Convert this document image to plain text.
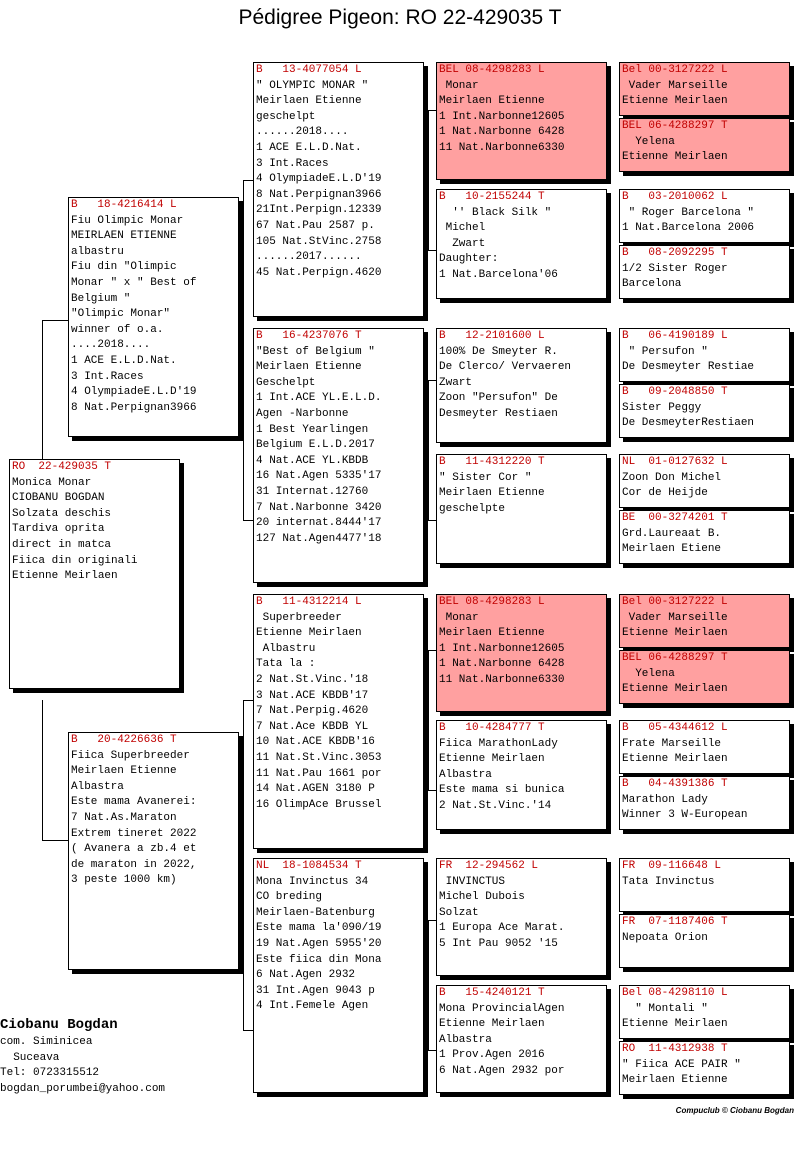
Pédigree Pigeon: RO 22-429035 T
RO  22-429035 T
Monica Monar
CIOBANU BOGDAN
Solzata deschis
Tardiva oprita
direct in matca
Fiica din originali
Etienne Meirlaen
B   18-4216414 L
Fiu Olimpic Monar
MEIRLAEN ETIENNE
albastru
Fiu din "Olimpic
Monar " x " Best of
Belgium "
"Olimpic Monar"
winner of o.a.
....2018....
1 ACE E.L.D.Nat.
3 Int.Races
4 OlympiadeE.L.D'19
8 Nat.Perpignan3966
B   20-4226636 T
Fiica Superbreeder
Meirlaen Etienne
Albastra
Este mama Avanerei:
7 Nat.As.Maraton
Extrem tineret 2022
( Avanera a zb.4 et
de maraton in 2022,
3 peste 1000 km)
B   13-4077054 L
" OLYMPIC MONAR "
Meirlaen Etienne
geschelpt
......2018....
1 ACE E.L.D.Nat.
3 Int.Races
4 OlympiadeE.L.D'19
8 Nat.Perpignan3966
21Int.Perpign.12339
67 Nat.Pau 2587 p.
105 Nat.StVinc.2758
......2017......
45 Nat.Perpign.4620
B   16-4237076 T
"Best of Belgium "
Meirlaen Etienne
Geschelpt
1 Int.ACE YL.E.L.D.
Agen -Narbonne
1 Best Yearlingen
Belgium E.L.D.2017
4 Nat.ACE YL.KBDB
16 Nat.Agen 5335'17
31 Internat.12760
7 Nat.Narbonne 3420
20 internat.8444'17
127 Nat.Agen4477'18
B   11-4312214 L
Superbreeder
Etienne Meirlaen
Albastru
Tata la :
2 Nat.St.Vinc.'18
3 Nat.ACE KBDB'17
7 Nat.Perpig.4620
7 Nat.Ace KBDB YL
10 Nat.ACE KBDB'16
11 Nat.St.Vinc.3053
11 Nat.Pau 1661 por
14 Nat.AGEN 3180 P
16 OlimpAce Brussel
NL  18-1084534 T
Mona Invinctus 34
CO breding
Meirlaen-Batenburg
Este mama la'090/19
19 Nat.Agen 5955'20
Este fiica din Mona
6 Nat.Agen 2932
31 Int.Agen 9043 p
4 Int.Femele Agen
BEL 08-4298283 L
Monar
Meirlaen Etienne
1 Int.Narbonne12605
1 Nat.Narbonne 6428
11 Nat.Narbonne6330
B   10-2155244 T
'' Black Silk "
Michel
Zwart
Daughter:
1 Nat.Barcelona'06
B   12-2101600 L
100% De Smeyter R.
De Clerco/ Vervaeren
Zwart
Zoon "Persufon" De
Desmeyter Restiaen
B   11-4312220 T
" Sister Cor "
Meirlaen Etienne
geschelpte
BEL 08-4298283 L
Monar
Meirlaen Etienne
1 Int.Narbonne12605
1 Nat.Narbonne 6428
11 Nat.Narbonne6330
B   10-4284777 T
Fiica MarathonLady
Etienne Meirlaen
Albastra
Este mama si bunica
2 Nat.St.Vinc.'14
FR  12-294562 L
INVINCTUS
Michel Dubois
Solzat
1 Europa Ace Marat.
5 Int Pau 9052 '15
B   15-4240121 T
Mona ProvincialAgen
Etienne Meirlaen
Albastra
1 Prov.Agen 2016
6 Nat.Agen 2932 por
Bel 00-3127222 L
Vader Marseille
Etienne Meirlaen
BEL 06-4288297 T
Yelena
Etienne Meirlaen
B   03-2010062 L
" Roger Barcelona "
1 Nat.Barcelona 2006
B   08-2092295 T
1/2 Sister Roger
Barcelona
B   06-4190189 L
" Persufon "
De Desmeyter Restiae
B   09-2048850 T
Sister Peggy
De DesmeyterRestiaen
NL  01-0127632 L
Zoon Don Michel
Cor de Heijde
BE  00-3274201 T
Grd.Laureaat B.
Meirlaen Etiene
Bel 00-3127222 L
Vader Marseille
Etienne Meirlaen
BEL 06-4288297 T
Yelena
Etienne Meirlaen
B   05-4344612 L
Frate Marseille
Etienne Meirlaen
B   04-4391386 T
Marathon Lady
Winner 3 W-European
FR  09-116648 L
Tata Invinctus
FR  07-1187406 T
Nepoata Orion
Bel 08-4298110 L
" Montali "
Etienne Meirlaen
RO  11-4312938 T
" Fiica ACE PAIR "
Meirlaen Etienne
Ciobanu Bogdan
com. Siminicea
Suceava
Tel: 0723315512
bogdan_porumbei@yahoo.com
Compuclub © Ciobanu Bogdan
